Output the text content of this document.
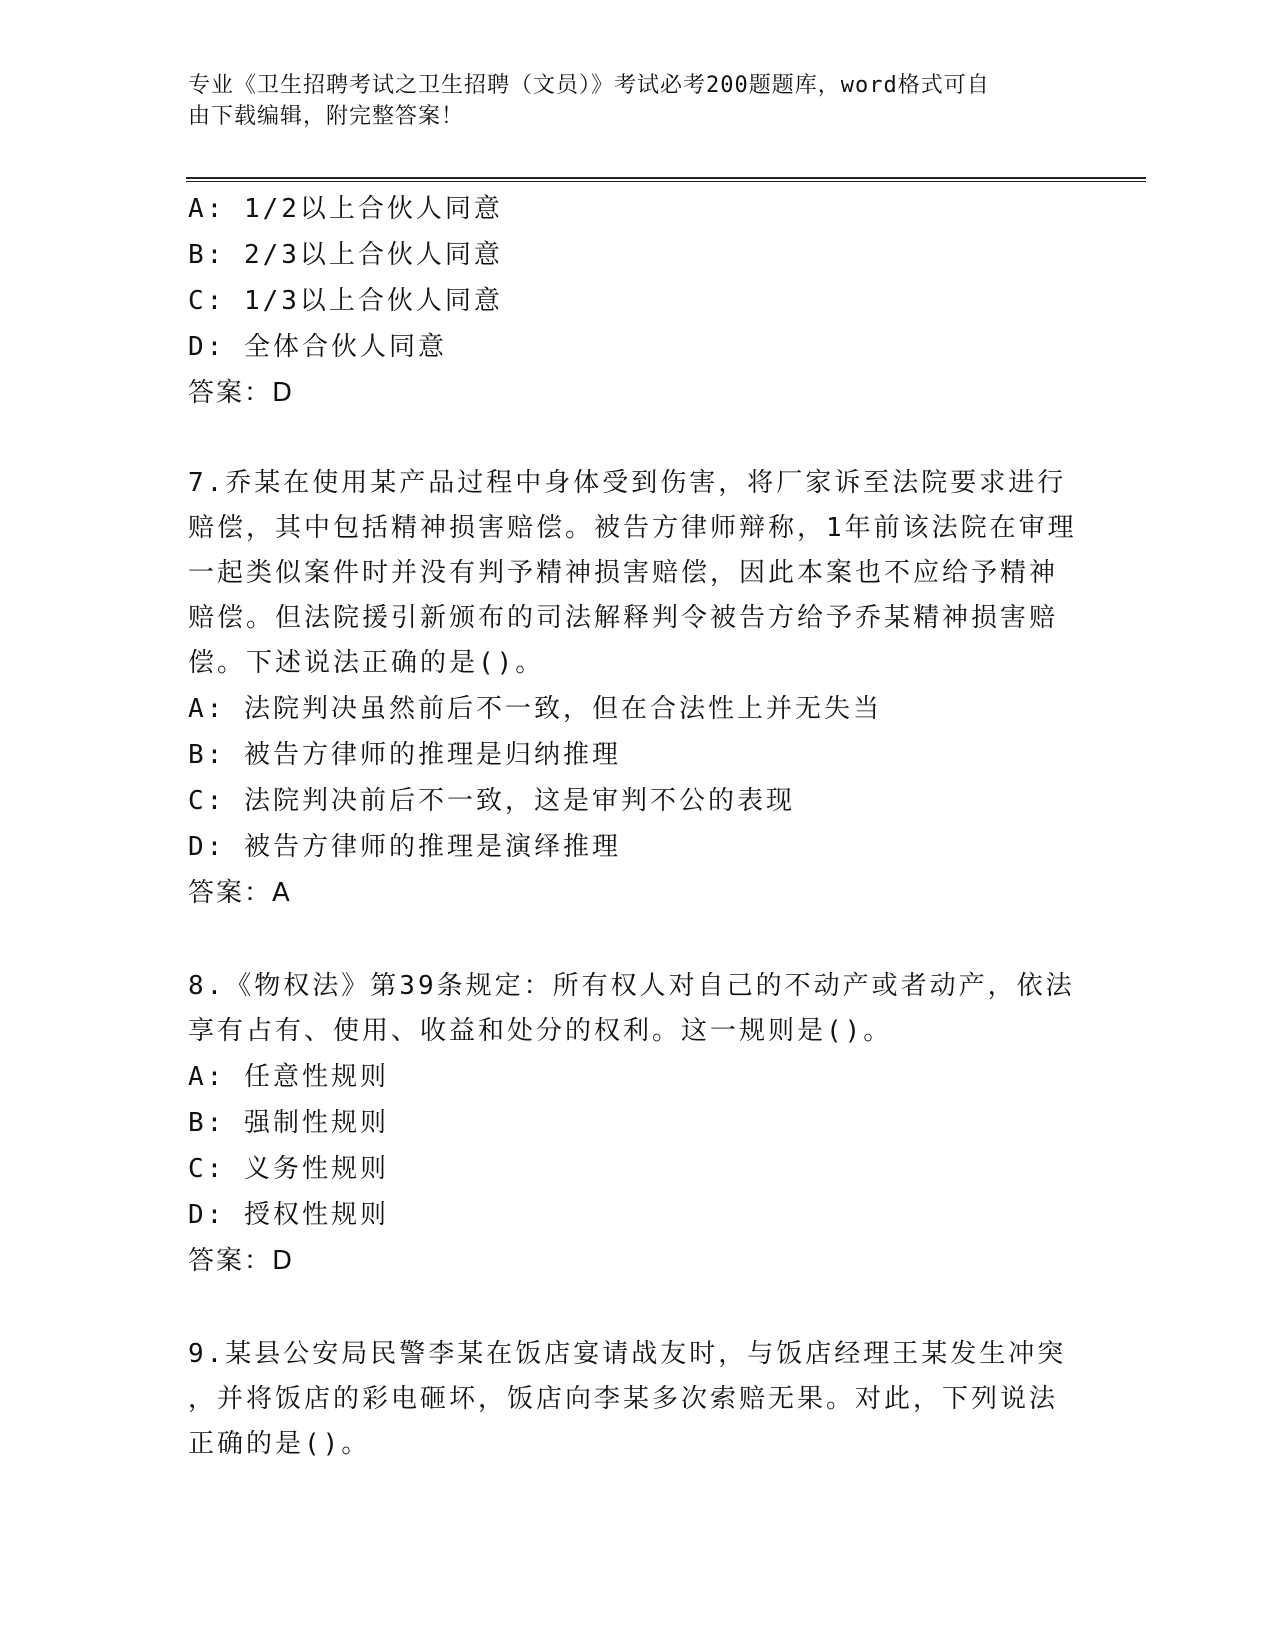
专业《卫生招聘考试之卫生招聘（文员）》考试必考200题题库，word格式可自
由下载编辑，附完整答案！
A: 1/2以上合伙人同意
B: 2/3以上合伙人同意
C: 1/3以上合伙人同意
D: 全体合伙人同意
答案：D
7.乔某在使用某产品过程中身体受到伤害，将厂家诉至法院要求进行
赔偿，其中包括精神损害赔偿。被告方律师辩称，1年前该法院在审理
一起类似案件时并没有判予精神损害赔偿，因此本案也不应给予精神
赔偿。但法院援引新颁布的司法解释判令被告方给予乔某精神损害赔
偿。下述说法正确的是()。
A: 法院判决虽然前后不一致，但在合法性上并无失当
B: 被告方律师的推理是归纳推理
C: 法院判决前后不一致，这是审判不公的表现
D: 被告方律师的推理是演绎推理
答案：A
8.《物权法》第39条规定：所有权人对自己的不动产或者动产，依法
享有占有、使用、收益和处分的权利。这一规则是()。
A: 任意性规则
B: 强制性规则
C: 义务性规则
D: 授权性规则
答案：D
9.某县公安局民警李某在饭店宴请战友时，与饭店经理王某发生冲突
，并将饭店的彩电砸坏，饭店向李某多次索赔无果。对此，下列说法
正确的是()。
